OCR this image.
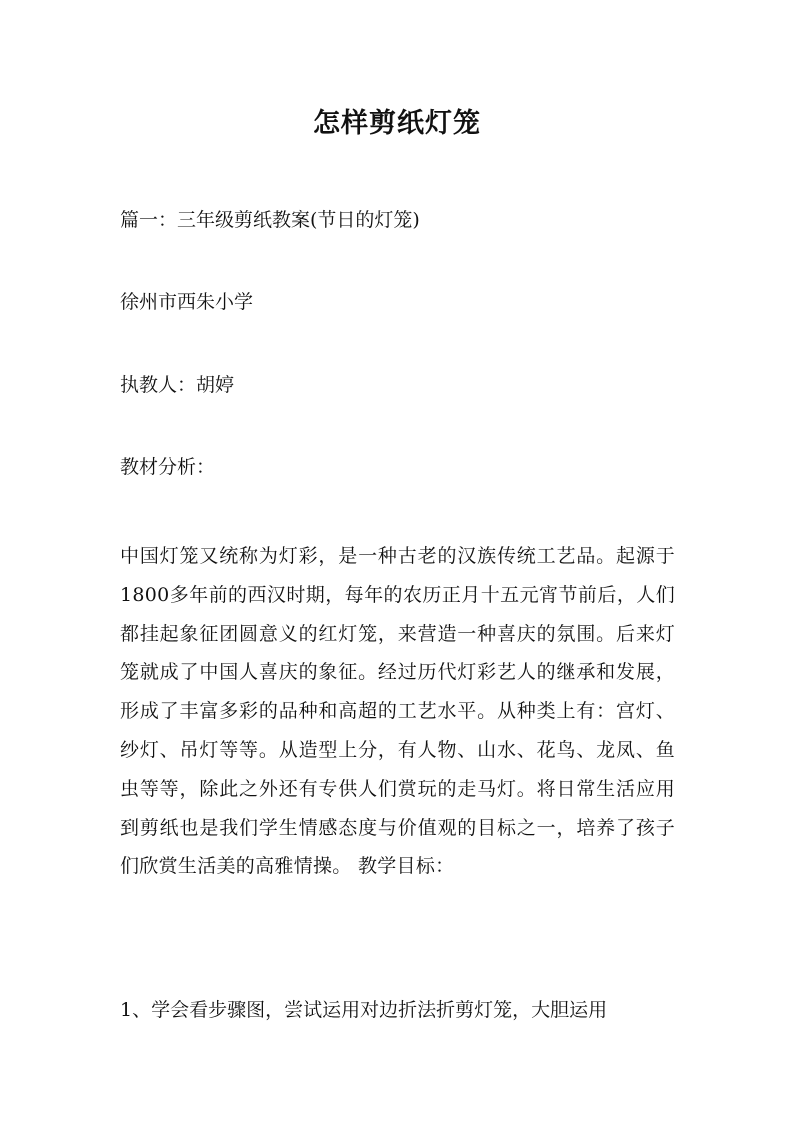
怎样剪纸灯笼
篇一：三年级剪纸教案(节日的灯笼)
徐州市西朱小学
执教人：胡婷
教材分析：
中国灯笼又统称为灯彩，是一种古老的汉族传统工艺品。起源于1800多年前的西汉时期，每年的农历正月十五元宵节前后，人们都挂起象征团圆意义的红灯笼，来营造一种喜庆的氛围。后来灯笼就成了中国人喜庆的象征。经过历代灯彩艺人的继承和发展，形成了丰富多彩的品种和高超的工艺水平。从种类上有：宫灯、纱灯、吊灯等等。从造型上分，有人物、山水、花鸟、龙凤、鱼虫等等，除此之外还有专供人们赏玩的走马灯。将日常生活应用到剪纸也是我们学生情感态度与价值观的目标之一，培养了孩子们欣赏生活美的高雅情操。 教学目标：
1、学会看步骤图，尝试运用对边折法折剪灯笼，大胆运用
